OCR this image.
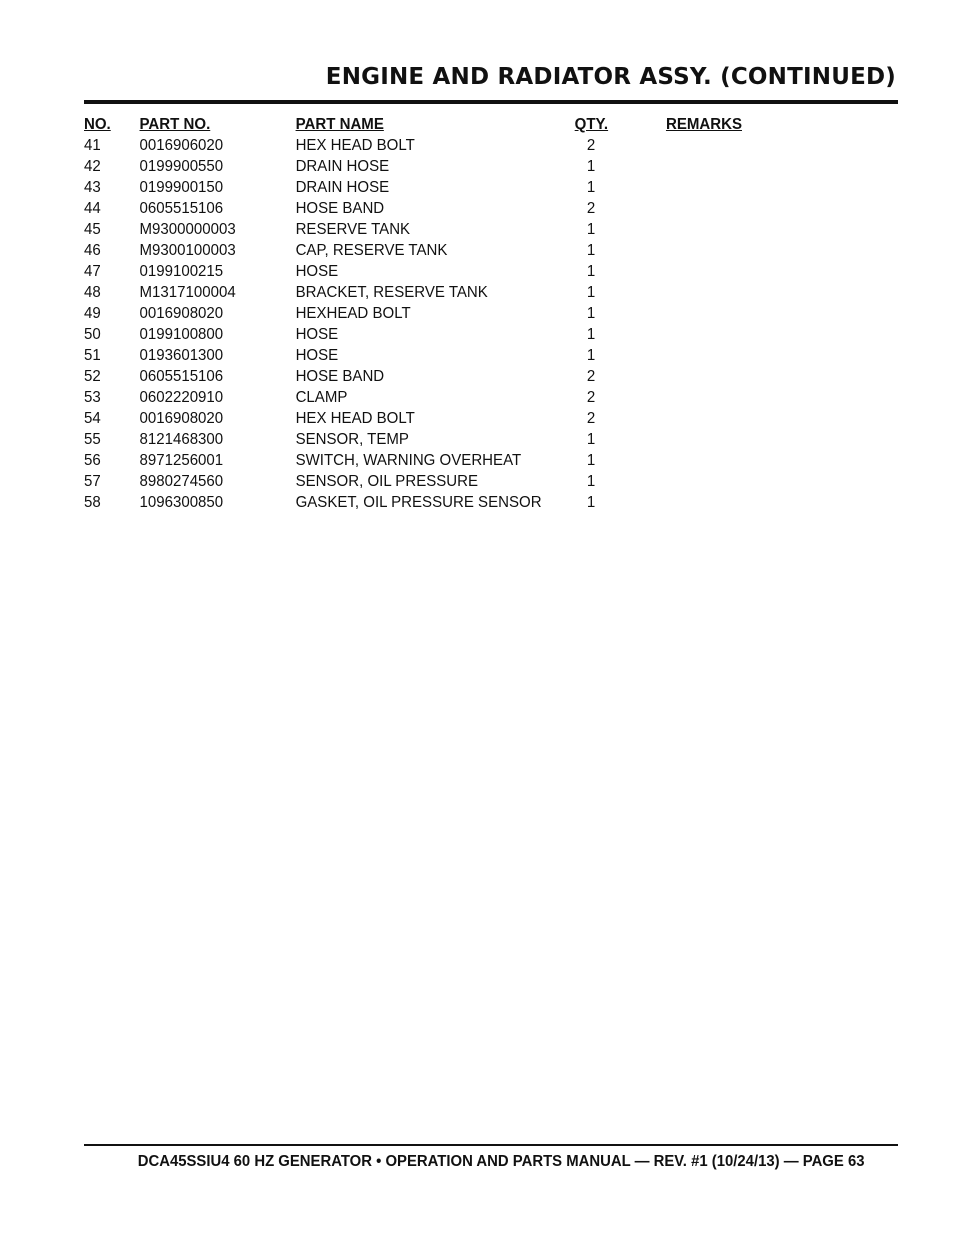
ENGINE AND RADIATOR ASSY. (CONTINUED)
NO.	PART NO.	PART NAME	QTY.	REMARKS
41	0016906020	HEX HEAD BOLT	2	
42	0199900550	DRAIN HOSE	1	
43	0199900150	DRAIN HOSE	1	
44	0605515106	HOSE BAND	2	
45	M9300000003	RESERVE TANK	1	
46	M9300100003	CAP, RESERVE TANK	1	
47	0199100215	HOSE	1	
48	M1317100004	BRACKET, RESERVE TANK	1	
49	0016908020	HEXHEAD BOLT	1	
50	0199100800	HOSE	1	
51	0193601300	HOSE	1	
52	0605515106	HOSE BAND	2	
53	0602220910	CLAMP	2	
54	0016908020	HEX HEAD BOLT	2	
55	8121468300	SENSOR, TEMP	1	
56	8971256001	SWITCH, WARNING OVERHEAT	1	
57	8980274560	SENSOR, OIL PRESSURE	1	
58	1096300850	GASKET, OIL PRESSURE SENSOR	1	
DCA45SSIU4 60 HZ GENERATOR • OPERATION AND PARTS MANUAL — REV. #1 (10/24/13) — PAGE 63
